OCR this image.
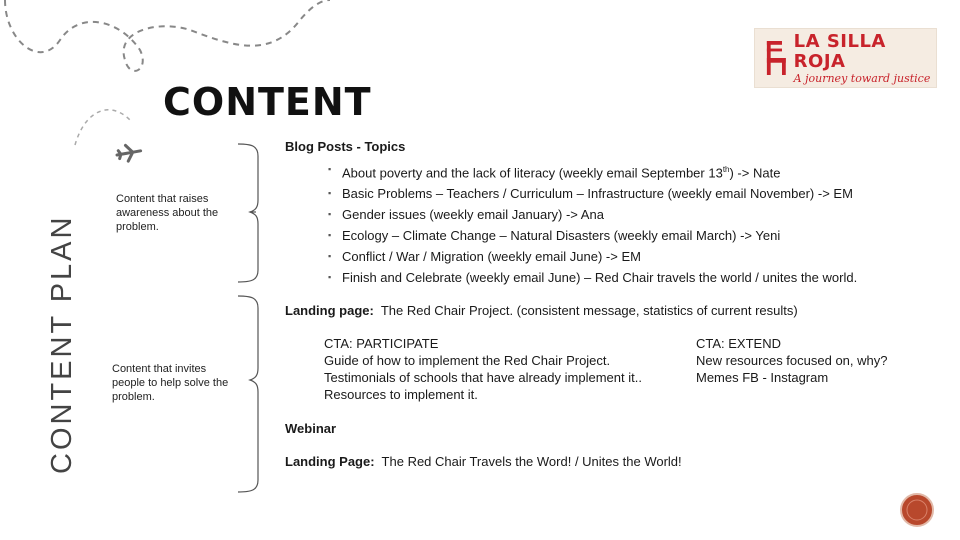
CONTENT PLAN
CONTENT
LA SILLA ROJA
A journey toward justice
Content that raises awareness about the problem.
Content that invites people to help solve the problem.
Blog Posts - Topics
▪ About poverty and the lack of literacy (weekly email September 13th) -> Nate
▪ Basic Problems – Teachers / Curriculum – Infrastructure (weekly email November) -> EM
▪ Gender issues (weekly email January) -> Ana
▪ Ecology – Climate Change – Natural Disasters (weekly email March) -> Yeni
▪ Conflict / War / Migration (weekly email June) -> EM
▪ Finish and Celebrate (weekly email June) – Red Chair travels the world / unites the world.
Landing page:  The Red Chair Project. (consistent message, statistics of current results)
CTA: PARTICIPATE
Guide of how to implement the Red Chair Project.
Testimonials of schools that have already implement it..
Resources to implement it.
CTA: EXTEND
New resources focused on, why?
Memes FB - Instagram
Webinar
Landing Page:  The Red Chair Travels the Word! / Unites the World!
